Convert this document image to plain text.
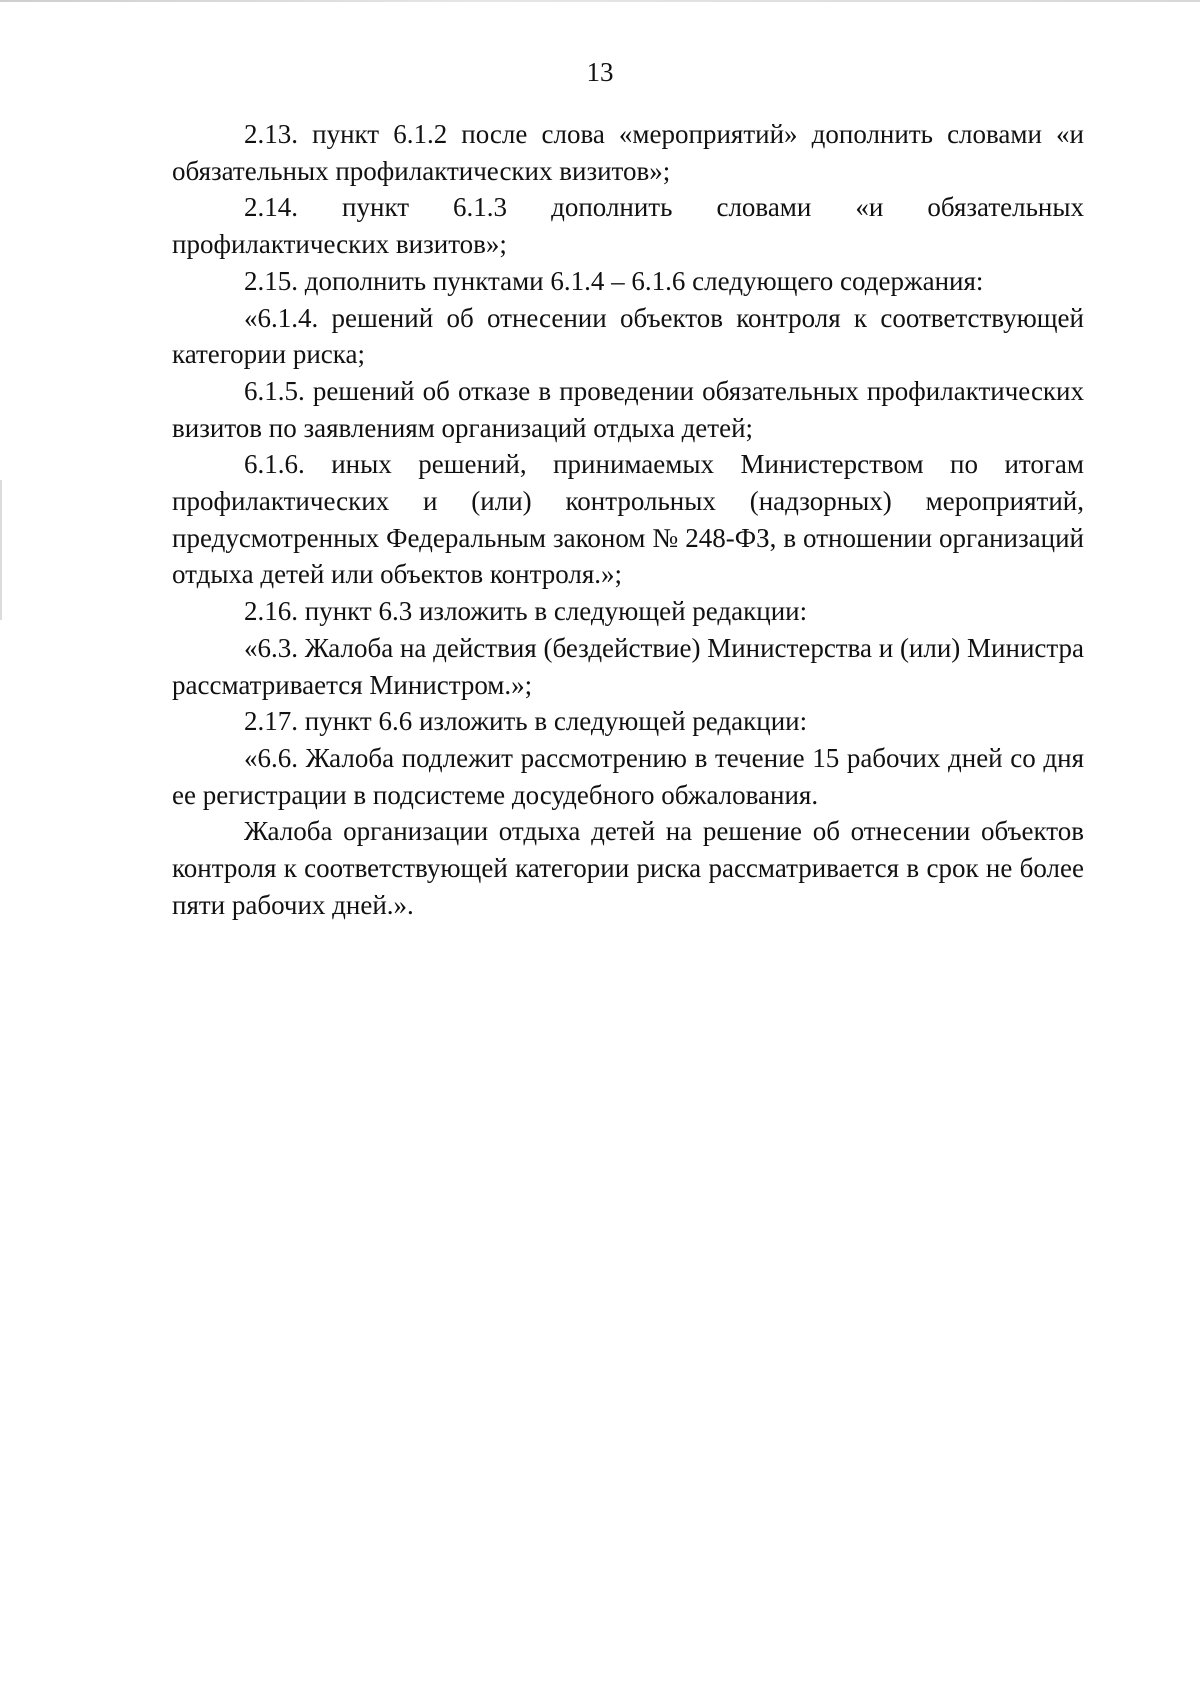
13

2.13. пункт 6.1.2 после слова «мероприятий» дополнить словами «и обязательных профилактических визитов»;

2.14. пункт 6.1.3 дополнить словами «и обязательных профилактических визитов»;

2.15. дополнить пунктами 6.1.4 – 6.1.6 следующего содержания:

«6.1.4. решений об отнесении объектов контроля к соответствующей категории риска;

6.1.5. решений об отказе в проведении обязательных профилактических визитов по заявлениям организаций отдыха детей;

6.1.6. иных решений, принимаемых Министерством по итогам профилактических и (или) контрольных (надзорных) мероприятий, предусмотренных Федеральным законом № 248-ФЗ, в отношении организаций отдыха детей или объектов контроля.»;

2.16. пункт 6.3 изложить в следующей редакции:

«6.3. Жалоба на действия (бездействие) Министерства и (или) Министра рассматривается Министром.»;

2.17. пункт 6.6 изложить в следующей редакции:

«6.6. Жалоба подлежит рассмотрению в течение 15 рабочих дней со дня ее регистрации в подсистеме досудебного обжалования.

Жалоба организации отдыха детей на решение об отнесении объектов контроля к соответствующей категории риска рассматривается в срок не более пяти рабочих дней.».
